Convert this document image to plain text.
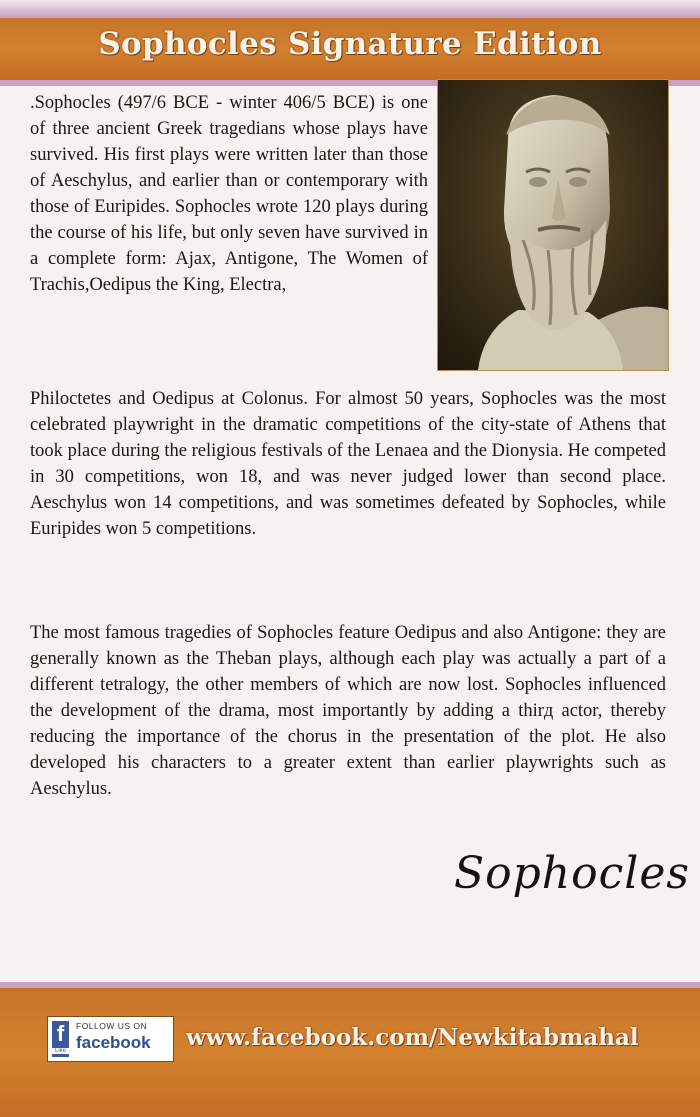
Sophocles Signature Edition
.Sophocles (497/6 BCE - winter 406/5 BCE) is one of three ancient Greek tragedians whose plays have survived. His first plays were written later than those of Aeschylus, and earlier than or contemporary with those of Euripides. Sophocles wrote 120 plays during the course of his life, but only seven have survived in a complete form: Ajax, Antigone, The Women of Trachis,Oedipus the King, Electra,
Philoctetes and Oedipus at Colonus. For almost 50 years, Sophocles was the most celebrated playwright in the dramatic competitions of the city-state of Athens that took place during the religious festivals of the Lenaea and the Dionysia. He competed in 30 competitions, won 18, and was never judged lower than second place. Aeschylus won 14 competitions, and was sometimes defeated by Sophocles, while Euripides won 5 competitions.
The most famous tragedies of Sophocles feature Oedipus and also Antigone: they are generally known as the Theban plays, although each play was actually a part of a different tetralogy, the other members of which are now lost. Sophocles influenced the development of the drama, most importantly by adding a thirд actor, thereby reducing the importance of the chorus in the presentation of the plot. He also developed his characters to a greater extent than earlier playwrights such as Aeschylus.
Sophocles
f
Like
FOLLOW US ON
facebook www.facebook.com/Newkitabmahal
